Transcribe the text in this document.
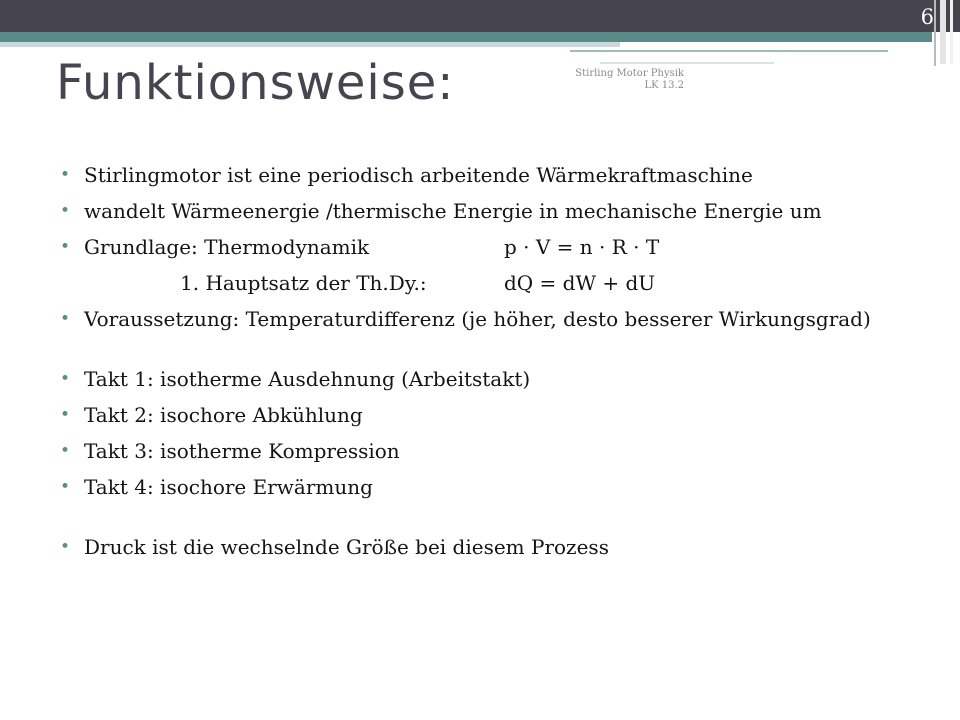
6
Funktionsweise:	Stirling Motor Physik
LK 13.2
• Stirlingmotor ist eine periodisch arbeitende Wärmekraftmaschine
• wandelt Wärmeenergie /thermische Energie in mechanische Energie um
• Grundlage: Thermodynamik	p · V = n · R · T
1. Hauptsatz der Th.Dy.:	dQ = dW + dU
• Voraussetzung: Temperaturdifferenz (je höher, desto besserer Wirkungsgrad)
• Takt 1: isotherme Ausdehnung (Arbeitstakt)
• Takt 2: isochore Abkühlung
• Takt 3: isotherme Kompression
• Takt 4: isochore Erwärmung
• Druck ist die wechselnde Größe bei diesem Prozess
